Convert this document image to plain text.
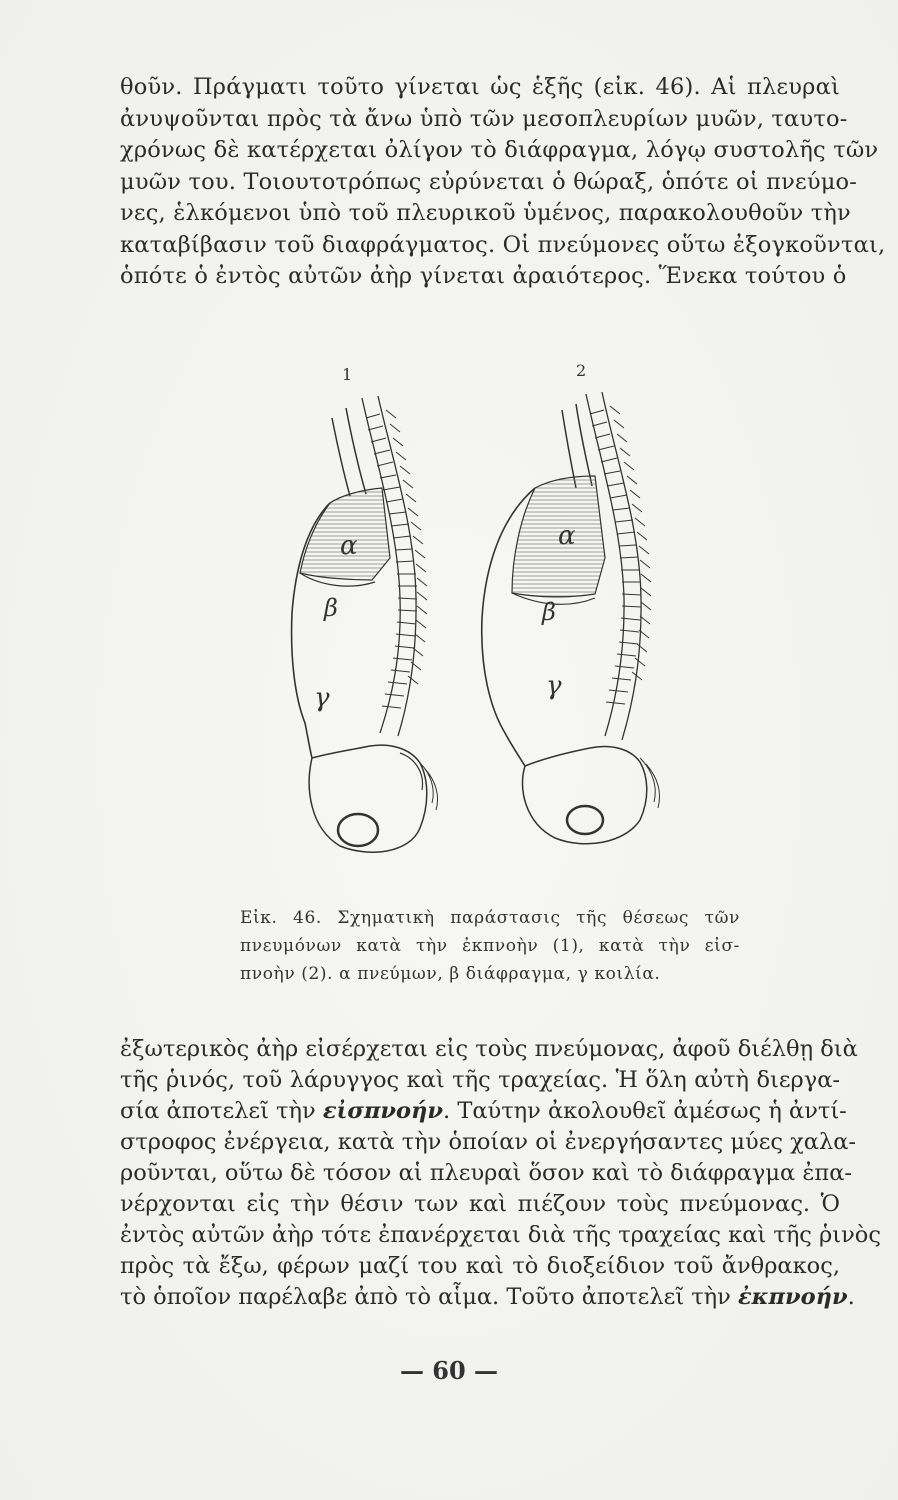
θοῦν. Πράγματι τοῦτο γίνεται ὡς ἑξῆς (εἰκ. 46). Αἱ πλευραὶ
ἀνυψοῦνται πρὸς τὰ ἄνω ὑπὸ τῶν μεσοπλευρίων μυῶν, ταυτο-
χρόνως δὲ κατέρχεται ὀλίγον τὸ διάφραγμα, λόγῳ συστολῆς τῶν
μυῶν του. Τοιουτοτρόπως εὐρύνεται ὁ θώραξ, ὁπότε οἱ πνεύμο-
νες, ἑλκόμενοι ὑπὸ τοῦ πλευρικοῦ ὑμένος, παρακολουθοῦν τὴν
καταβίβασιν τοῦ διαφράγματος. Οἱ πνεύμονες οὕτω ἐξογκοῦνται,
ὁπότε ὁ ἐντὸς αὐτῶν ἀὴρ γίνεται ἀραιότερος. Ἕνεκα τούτου ὁ
α
β
γ
1
α
β
γ
2
Εἰκ. 46. Σχηματικὴ παράστασις τῆς θέσεως τῶν
πνευμόνων κατὰ τὴν ἐκπνοὴν (1), κατὰ τὴν εἰσ-
πνοὴν (2). α πνεύμων, β διάφραγμα, γ κοιλία.
ἐξωτερικὸς ἀὴρ εἰσέρχεται εἰς τοὺς πνεύμονας, ἀφοῦ διέλθῃ διὰ
τῆς ῥινός, τοῦ λάρυγγος καὶ τῆς τραχείας. Ἡ ὅλη αὐτὴ διεργα-
σία ἀποτελεῖ τὴν εἰσπνοήν. Ταύτην ἀκολουθεῖ ἀμέσως ἡ ἀντί-
στροφος ἐνέργεια, κατὰ τὴν ὁποίαν οἱ ἐνεργήσαντες μύες χαλα-
ροῦνται, οὕτω δὲ τόσον αἱ πλευραὶ ὅσον καὶ τὸ διάφραγμα ἐπα-
νέρχονται εἰς τὴν θέσιν των καὶ πιέζουν τοὺς πνεύμονας. Ὁ
ἐντὸς αὐτῶν ἀὴρ τότε ἐπανέρχεται διὰ τῆς τραχείας καὶ τῆς ῥινὸς
πρὸς τὰ ἔξω, φέρων μαζί του καὶ τὸ διοξείδιον τοῦ ἄνθρακος,
τὸ ὁποῖον παρέλαβε ἀπὸ τὸ αἷμα. Τοῦτο ἀποτελεῖ τὴν ἐκπνοήν.
— 60 —
